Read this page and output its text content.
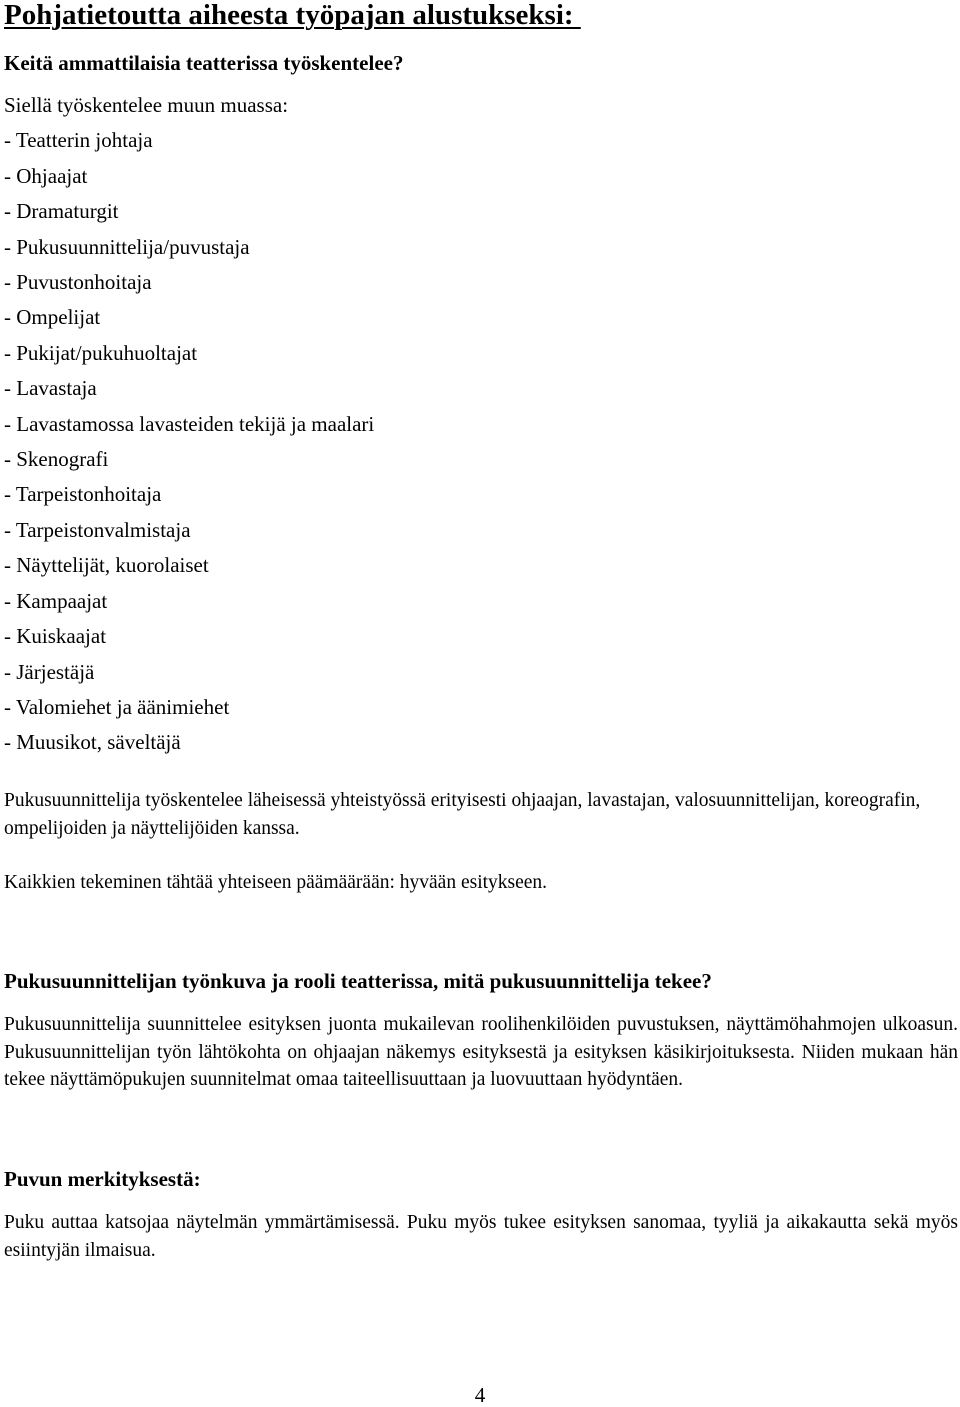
Pohjatietoutta aiheesta työpajan alustukseksi:
Keitä ammattilaisia teatterissa työskentelee?
Siellä työskentelee muun muassa:
- Teatterin johtaja
- Ohjaajat
- Dramaturgit
- Pukusuunnittelija/puvustaja
- Puvustonhoitaja
- Ompelijat
- Pukijat/pukuhuoltajat
- Lavastaja
- Lavastamossa lavasteiden tekijä ja maalari
- Skenografi
- Tarpeistonhoitaja
- Tarpeistonvalmistaja
- Näyttelijät, kuorolaiset
- Kampaajat
- Kuiskaajat
- Järjestäjä
- Valomiehet ja äänimiehet
- Muusikot, säveltäjä

Pukusuunnittelija työskentelee läheisessä yhteistyössä erityisesti ohjaajan, lavastajan, valosuunnittelijan, koreografin, ompelijoiden ja näyttelijöiden kanssa.

Kaikkien tekeminen tähtää yhteiseen päämäärään: hyvään esitykseen.

Pukusuunnittelijan työnkuva ja rooli teatterissa, mitä pukusuunnittelija tekee?

Pukusuunnittelija suunnittelee esityksen juonta mukailevan roolihenkilöiden puvustuksen, näyttämöhahmojen ulkoasun. Pukusuunnittelijan työn lähtökohta on ohjaajan näkemys esityksestä ja esityksen käsikirjoituksesta. Niiden mukaan hän tekee näyttämöpukujen suunnitelmat omaa taiteellisuuttaan ja luovuuttaan hyödyntäen.

Puvun merkityksestä:

Puku auttaa katsojaa näytelmän ymmärtämisessä. Puku myös tukee esityksen sanomaa, tyyliä ja aikakautta sekä myös esiintyjän ilmaisua.

4
